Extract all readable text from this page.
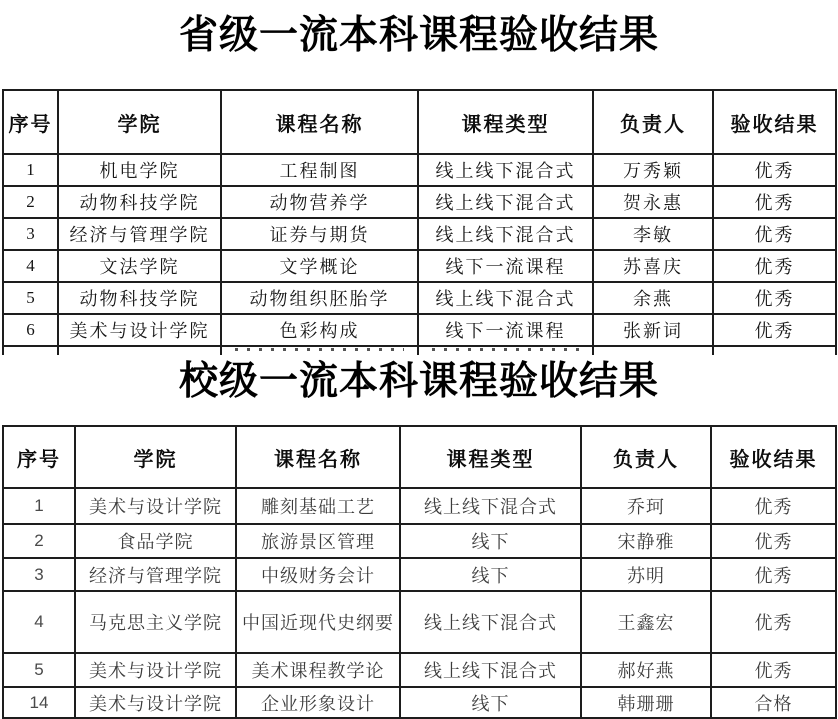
省级一流本科课程验收结果
序号	学院	课程名称	课程类型	负责人	验收结果
1	机电学院	工程制图	线上线下混合式	万秀颖	优秀
2	动物科技学院	动物营养学	线上线下混合式	贺永惠	优秀
3	经济与管理学院	证券与期货	线上线下混合式	李敏	优秀
4	文法学院	文学概论	线下一流课程	苏喜庆	优秀
5	动物科技学院	动物组织胚胎学	线上线下混合式	余燕	优秀
6	美术与设计学院	色彩构成	线下一流课程	张新词	优秀

校级一流本科课程验收结果
序号	学院	课程名称	课程类型	负责人	验收结果
1	美术与设计学院	雕刻基础工艺	线上线下混合式	乔珂	优秀
2	食品学院	旅游景区管理	线下	宋静雅	优秀
3	经济与管理学院	中级财务会计	线下	苏明	优秀
4	马克思主义学院	中国近现代史纲要	线上线下混合式	王鑫宏	优秀
5	美术与设计学院	美术课程教学论	线上线下混合式	郝好燕	优秀
14	美术与设计学院	企业形象设计	线下	韩珊珊	合格
